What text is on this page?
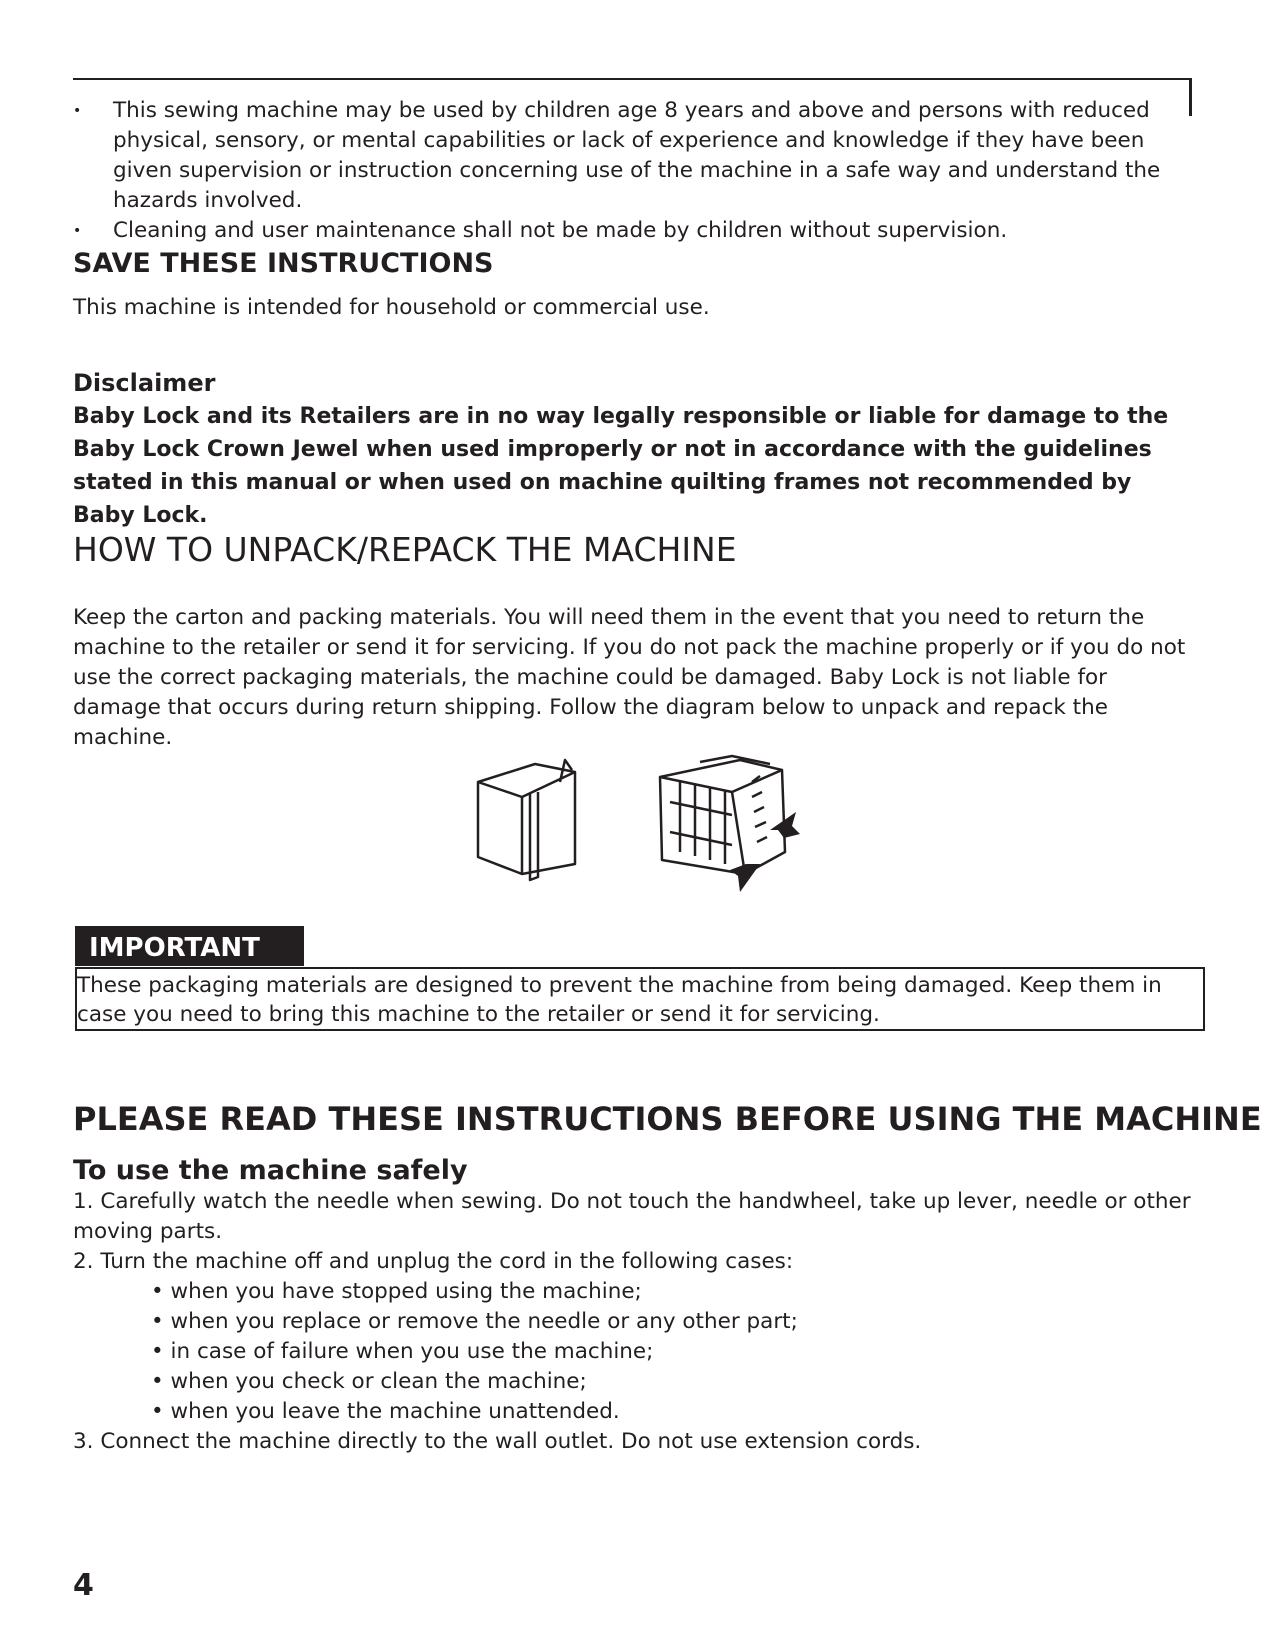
• This sewing machine may be used by children age 8 years and above and persons with reduced physical, sensory, or mental capabilities or lack of experience and knowledge if they have been given supervision or instruction concerning use of the machine in a safe way and understand the hazards involved.
• Cleaning and user maintenance shall not be made by children without supervision.
SAVE THESE INSTRUCTIONS

This machine is intended for household or commercial use.

Disclaimer

Baby Lock and its Retailers are in no way legally responsible or liable for damage to the Baby Lock Crown Jewel when used improperly or not in accordance with the guidelines stated in this manual or when used on machine quilting frames not recommended by Baby Lock.

HOW TO UNPACK/REPACK THE MACHINE

Keep the carton and packing materials. You will need them in the event that you need to return the machine to the retailer or send it for servicing. If you do not pack the machine properly or if you do not use the correct packaging materials, the machine could be damaged. Baby Lock is not liable for damage that occurs during return shipping. Follow the diagram below to unpack and repack the machine.

IMPORTANT
These packaging materials are designed to prevent the machine from being damaged. Keep them in case you need to bring this machine to the retailer or send it for servicing.
PLEASE READ THESE INSTRUCTIONS BEFORE USING THE MACHINE
To use the machine safely
1. Carefully watch the needle when sewing. Do not touch the handwheel, take up lever, needle or other moving parts.
2. Turn the machine off and unplug the cord in the following cases:
• when you have stopped using the machine;
• when you replace or remove the needle or any other part;
• in case of failure when you use the machine;
• when you check or clean the machine;
• when you leave the machine unattended.
3. Connect the machine directly to the wall outlet. Do not use extension cords.
4
